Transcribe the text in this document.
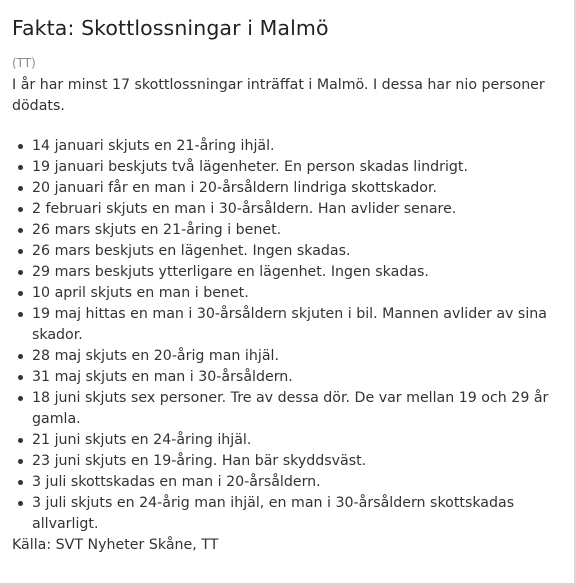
Fakta: Skottlossningar i Malmö
(TT)
I år har minst 17 skottlossningar inträffat i Malmö. I dessa har nio personer dödats.
14 januari skjuts en 21-åring ihjäl.
19 januari beskjuts två lägenheter. En person skadas lindrigt.
20 januari får en man i 20-årsåldern lindriga skottskador.
2 februari skjuts en man i 30-årsåldern. Han avlider senare.
26 mars skjuts en 21-åring i benet.
26 mars beskjuts en lägenhet. Ingen skadas.
29 mars beskjuts ytterligare en lägenhet. Ingen skadas.
10 april skjuts en man i benet.
19 maj hittas en man i 30-årsåldern skjuten i bil. Mannen avlider av sina skador.
28 maj skjuts en 20-årig man ihjäl.
31 maj skjuts en man i 30-årsåldern.
18 juni skjuts sex personer. Tre av dessa dör. De var mellan 19 och 29 år gamla.
21 juni skjuts en 24-åring ihjäl.
23 juni skjuts en 19-åring. Han bär skyddsväst.
3 juli skottskadas en man i 20-årsåldern.
3 juli skjuts en 24-årig man ihjäl, en man i 30-årsåldern skottskadas allvarligt.
Källa: SVT Nyheter Skåne, TT
